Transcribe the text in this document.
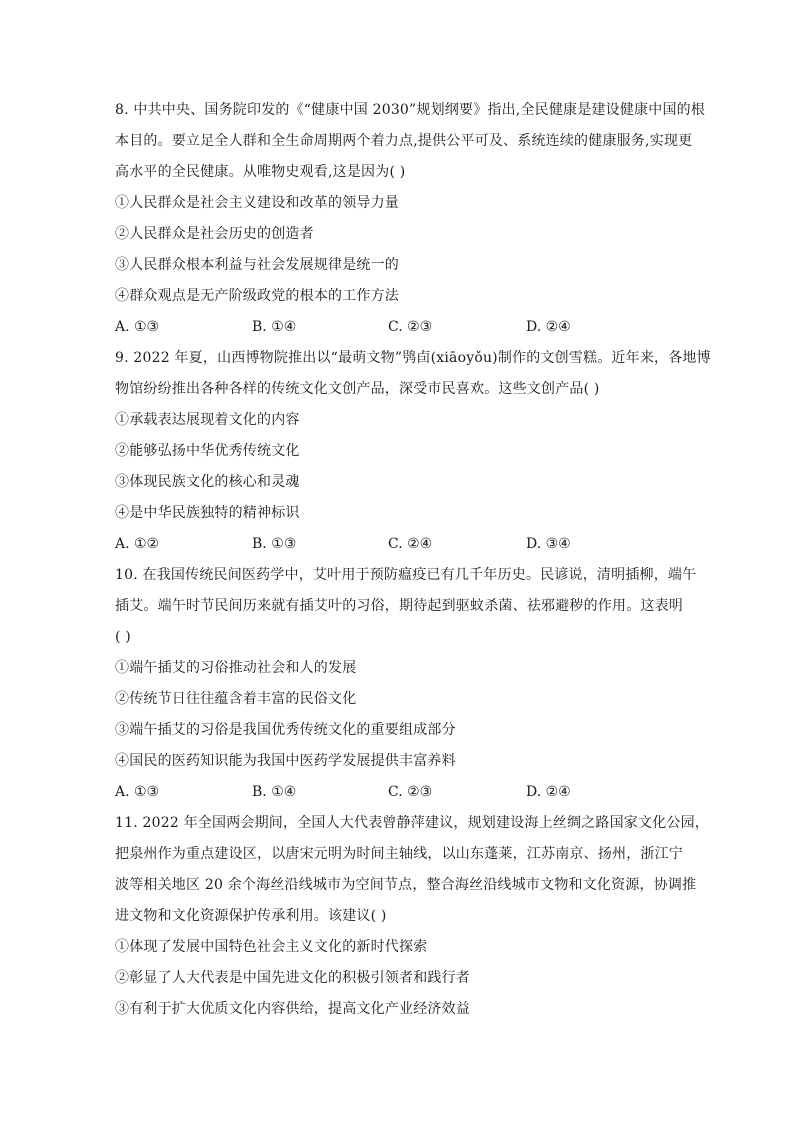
8. 中共中央、国务院印发的《“健康中国 2030”规划纲要》指出,全民健康是建设健康中国的根
本目的。要立足全人群和全生命周期两个着力点,提供公平可及、系统连续的健康服务,实现更
高水平的全民健康。从唯物史观看,这是因为( )
①人民群众是社会主义建设和改革的领导力量
②人民群众是社会历史的创造者
③人民群众根本利益与社会发展规律是统一的
④群众观点是无产阶级政党的根本的工作方法
A. ①③	B. ①④	C. ②③	D. ②④
9. 2022 年夏，山西博物院推出以“最萌文物”鸮卣(xiāoyǒu)制作的文创雪糕。近年来，各地博
物馆纷纷推出各种各样的传统文化文创产品，深受市民喜欢。这些文创产品( )
①承载表达展现着文化的内容
②能够弘扬中华优秀传统文化
③体现民族文化的核心和灵魂
④是中华民族独特的精神标识
A. ①②	B. ①③	C. ②④	D. ③④
10. 在我国传统民间医药学中，艾叶用于预防瘟疫已有几千年历史。民谚说，清明插柳，端午
插艾。端午时节民间历来就有插艾叶的习俗，期待起到驱蚊杀菌、祛邪避秽的作用。这表明
( )
①端午插艾的习俗推动社会和人的发展
②传统节日往往蕴含着丰富的民俗文化
③端午插艾的习俗是我国优秀传统文化的重要组成部分
④国民的医药知识能为我国中医药学发展提供丰富养料
A. ①③	B. ①④	C. ②③	D. ②④
11. 2022 年全国两会期间，全国人大代表曾静萍建议，规划建设海上丝绸之路国家文化公园，
把泉州作为重点建设区，以唐宋元明为时间主轴线，以山东蓬莱，江苏南京、扬州，浙江宁
波等相关地区 20 余个海丝沿线城市为空间节点，整合海丝沿线城市文物和文化资源，协调推
进文物和文化资源保护传承利用。该建议( )
①体现了发展中国特色社会主义文化的新时代探索
②彰显了人大代表是中国先进文化的积极引领者和践行者
③有利于扩大优质文化内容供给，提高文化产业经济效益
